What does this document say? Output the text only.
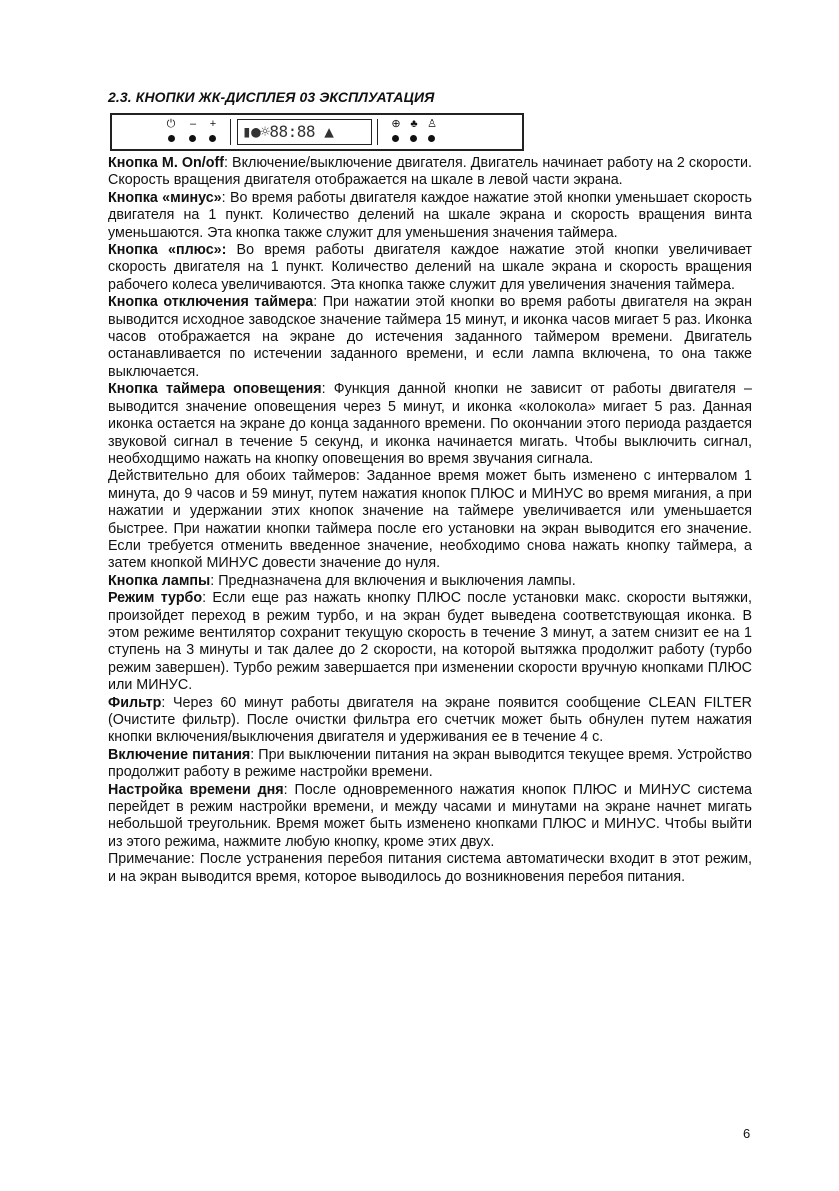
2.3. КНОПКИ ЖК-ДИСПЛЕЯ 03 ЭКСПЛУАТАЦИЯ
⏻	–	+ ▮●☼88:88 ▲	⊕ ♣ ♙

Кнопка M. On/off: Включение/выключение двигателя. Двигатель начинает работу на 2 скорости. Скорость вращения двигателя отображается на шкале в левой части экрана.

Кнопка «минус»: Во время работы двигателя каждое нажатие этой кнопки уменьшает скорость двигателя на 1 пункт. Количество делений на шкале экрана и скорость вращения винта уменьшаются. Эта кнопка также служит для уменьшения значения таймера.

Кнопка «плюс»: Во время работы двигателя каждое нажатие этой кнопки увеличивает скорость двигателя на 1 пункт. Количество делений на шкале экрана и скорость вращения рабочего колеса увеличиваются. Эта кнопка также служит для увеличения значения таймера.

Кнопка отключения таймера: При нажатии этой кнопки во время работы двигателя на экран выводится исходное заводское значение таймера 15 минут, и иконка часов мигает 5 раз. Иконка часов отображается на экране до истечения заданного таймером времени. Двигатель останавливается по истечении заданного времени, и если лампа включена, то она также выключается.

Кнопка таймера оповещения: Функция данной кнопки не зависит от работы двигателя – выводится значение оповещения через 5 минут, и иконка «колокола» мигает 5 раз. Данная иконка остается на экране до конца заданного времени. По окончании этого периода раздается звуковой сигнал в течение 5 секунд, и иконка начинается мигать. Чтобы выключить сигнал, необходщимо нажать на кнопку оповещения во время звучания сигнала.

Действительно для обоих таймеров: Заданное время может быть изменено с интервалом 1 минута, до 9 часов и 59 минут, путем нажатия кнопок ПЛЮС и МИНУС во время мигания, а при нажатии и удержании этих кнопок значение на таймере увеличивается или уменьшается быстрее. При нажатии кнопки таймера после его установки на экран выводится его значение. Если требуется отменить введенное значение, необходимо снова нажать кнопку таймера, а затем кнопкой МИНУС довести значение до нуля.

Кнопка лампы: Предназначена для включения и выключения лампы.

Режим турбо: Если еще раз нажать кнопку ПЛЮС после установки макс. скорости вытяжки, произойдет переход в режим турбо, и на экран будет выведена соответствующая иконка. В этом режиме вентилятор сохранит текущую скорость в течение 3 минут, а затем снизит ее на 1 ступень на 3 минуты и так далее до 2 скорости, на которой вытяжка продолжит работу (турбо режим завершен). Турбо режим завершается при изменении скорости вручную кнопками ПЛЮС или МИНУС.

Фильтр: Через 60 минут работы двигателя на экране появится сообщение CLEAN FILTER (Очистите фильтр). После очистки фильтра его счетчик может быть обнулен путем нажатия кнопки включения/выключения двигателя и удерживания ее в течение 4 с.

Включение питания: При выключении питания на экран выводится текущее время. Устройство продолжит работу в режиме настройки времени.

Настройка времени дня: После одновременного нажатия кнопок ПЛЮС и МИНУС система перейдет в режим настройки времени, и между часами и минутами на экране начнет мигать небольшой треугольник. Время может быть изменено кнопками ПЛЮС и МИНУС. Чтобы выйти из этого режима, нажмите любую кнопку, кроме этих двух.

Примечание: После устранения перебоя питания система автоматически входит в этот режим, и на экран выводится время, которое выводилось до возникновения перебоя питания.

6
